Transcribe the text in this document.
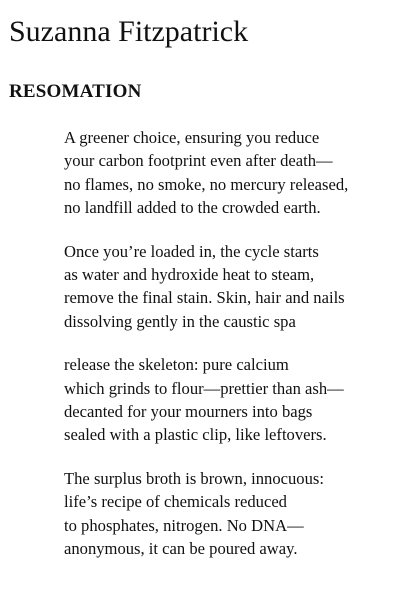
Suzanna Fitzpatrick
RESOMATION
A greener choice, ensuring you reduce
your carbon footprint even after death—
no flames, no smoke, no mercury released,
no landfill added to the crowded earth.
Once you’re loaded in, the cycle starts
as water and hydroxide heat to steam,
remove the final stain. Skin, hair and nails
dissolving gently in the caustic spa
release the skeleton: pure calcium
which grinds to flour—prettier than ash—
decanted for your mourners into bags
sealed with a plastic clip, like leftovers.
The surplus broth is brown, innocuous:
life’s recipe of chemicals reduced
to phosphates, nitrogen. No DNA—
anonymous, it can be poured away.
